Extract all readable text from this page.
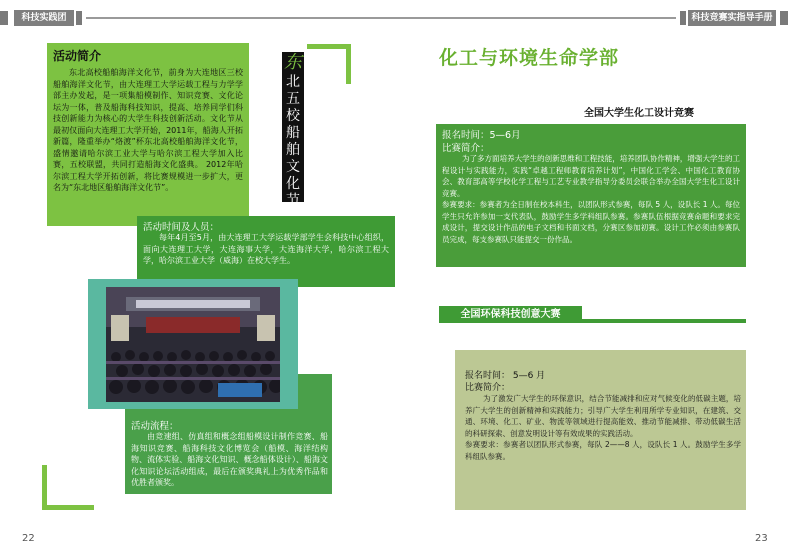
科技实践团	科技竞赛实指导手册
活动简介
东北高校船舶海洋文化节，前身为大连地区三校船舶海洋文化节，由大连理工大学运载工程与力学学部主办发起，是一项集船模制作、知识竞赛、文化论坛为一体，普及船海科技知识，提高、培养同学们科技创新能力为核心的大学生科技创新活动。文化节从最初仅面向大连理工大学开始，2011年，船海人开拓新篇，隆重举办“烙渡”杯东北高校船舶海洋文化节，盛情邀请哈尔滨工业大学与哈尔滨工程大学加入比赛，五校联盟，共同打造船海文化盛典。 2012年哈尔滨工程大学开拓创新，将比赛规模进一步扩大，更名为“东北地区船舶海洋文化节”。
东
北
五
校
船
舶
文
化
节
活动时间及人员：
每年4月至5月，由大连理工大学运载学部学生会科技中心组织，面向大连理工大学，大连海事大学，大连海洋大学，哈尔滨工程大学，哈尔滨工业大学（威海）在校大学生。
活动流程：
由竞速组、仿真组和概念组船模设计制作竞赛、船海知识竞赛、船海科技文化博览会（船模、海洋结构物、流体实验、船海文化知识、概念船体设计）、船海文化知识论坛活动组成，最后在颁奖典礼上为优秀作品和优胜者颁奖。
22
化工与环境生命学部
全国大学生化工设计竞赛
报名时间：5—6月
比赛简介：

为了多方面培养大学生的创新思维和工程技能，培养团队协作精神，增强大学生的工程设计与实践能力，实践“卓越工程师教育培养计划”，中国化工学会、中国化工教育协会、教育部高等学校化学工程与工艺专业教学指导分委员会联合举办全国大学生化工设计竞赛。

参赛要求：参赛者为全日制在校本科生，以团队形式参赛，每队 5 人，设队长 1 人。每位学生只允许参加一支代表队，鼓励学生多学科组队参赛。参赛队伍根据竞赛命题和要求完成设计，提交设计作品的电子文档和书面文档，分赛区参加初赛。设计工作必须由参赛队员完成，每支参赛队只能提交一份作品。

全国环保科技创意大赛
报名时间： 5—6 月
比赛简介：

为了激发广大学生的环保意识，结合节能减排和应对气候变化的低碳主题，培养广大学生的创新精神和实践能力；引导广大学生利用所学专业知识，在建筑、交通、环境、化工、矿业、物流等领域进行提高能效、推动节能减排、带动低碳生活的科研探索、创意发明设计等有效成果的实践活动。

参赛要求：参赛者以团队形式参赛，每队 2——8 人，设队长 1 人。鼓励学生多学科组队参赛。

23
